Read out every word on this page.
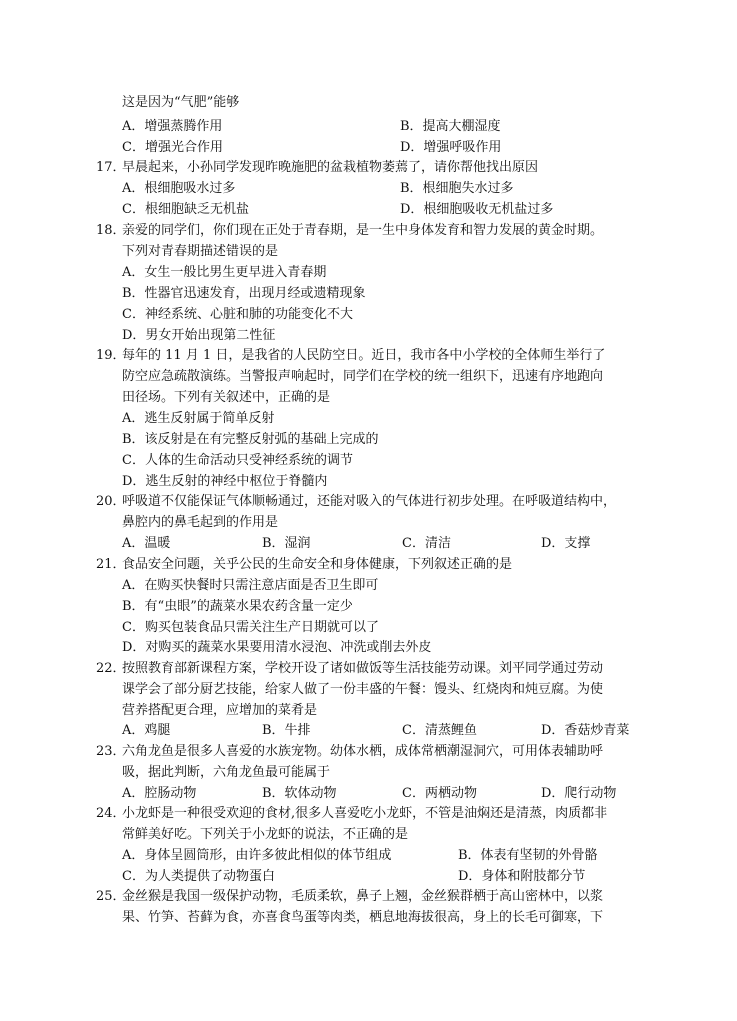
这是因为“气肥”能够
A．增强蒸腾作用	B．提高大棚湿度
C．增强光合作用	D．增强呼吸作用
17．
早晨起来，小孙同学发现昨晚施肥的盆栽植物萎蔫了，请你帮他找出原因
A．根细胞吸水过多	B．根细胞失水过多
C．根细胞缺乏无机盐	D．根细胞吸收无机盐过多
18．
亲爱的同学们，你们现在正处于青春期，是一生中身体发育和智力发展的黄金时期。
下列对青春期描述错误的是
A．女生一般比男生更早进入青春期
B．性器官迅速发育，出现月经或遗精现象
C．神经系统、心脏和肺的功能变化不大
D．男女开始出现第二性征
19．
每年的 11 月 1 日，是我省的人民防空日。近日，我市各中小学校的全体师生举行了
防空应急疏散演练。当警报声响起时，同学们在学校的统一组织下，迅速有序地跑向
田径场。下列有关叙述中，正确的是
A．逃生反射属于简单反射
B．该反射是在有完整反射弧的基础上完成的
C．人体的生命活动只受神经系统的调节
D．逃生反射的神经中枢位于脊髓内
20．
呼吸道不仅能保证气体顺畅通过，还能对吸入的气体进行初步处理。在呼吸道结构中，
鼻腔内的鼻毛起到的作用是
A．温暖	B．湿润	C．清洁	D．支撑
21．
食品安全问题，关乎公民的生命安全和身体健康，下列叙述正确的是
A．在购买快餐时只需注意店面是否卫生即可
B．有“虫眼”的蔬菜水果农药含量一定少
C．购买包装食品只需关注生产日期就可以了
D．对购买的蔬菜水果要用清水浸泡、冲洗或削去外皮
22．
按照教育部新课程方案，学校开设了诸如做饭等生活技能劳动课。刘平同学通过劳动
课学会了部分厨艺技能，给家人做了一份丰盛的午餐：馒头、红烧肉和炖豆腐。为使
营养搭配更合理，应增加的菜肴是
A．鸡腿	B．牛排	C．清蒸鲤鱼	D．香菇炒青菜
23．
六角龙鱼是很多人喜爱的水族宠物。幼体水栖，成体常栖潮湿洞穴，可用体表辅助呼
吸，据此判断，六角龙鱼最可能属于
A．腔肠动物	B．软体动物	C．两栖动物	D．爬行动物
24．
小龙虾是一种很受欢迎的食材,很多人喜爱吃小龙虾，不管是油焖还是清蒸，肉质都非
常鲜美好吃。下列关于小龙虾的说法，不正确的是
A．身体呈圆筒形，由许多彼此相似的体节组成	B．体表有坚韧的外骨骼
C．为人类提供了动物蛋白	D．身体和附肢都分节
25．
金丝猴是我国一级保护动物，毛质柔软，鼻子上翘，金丝猴群栖于高山密林中，以浆
果、竹笋、苔藓为食，亦喜食鸟蛋等肉类，栖息地海拔很高，身上的长毛可御寒，下
